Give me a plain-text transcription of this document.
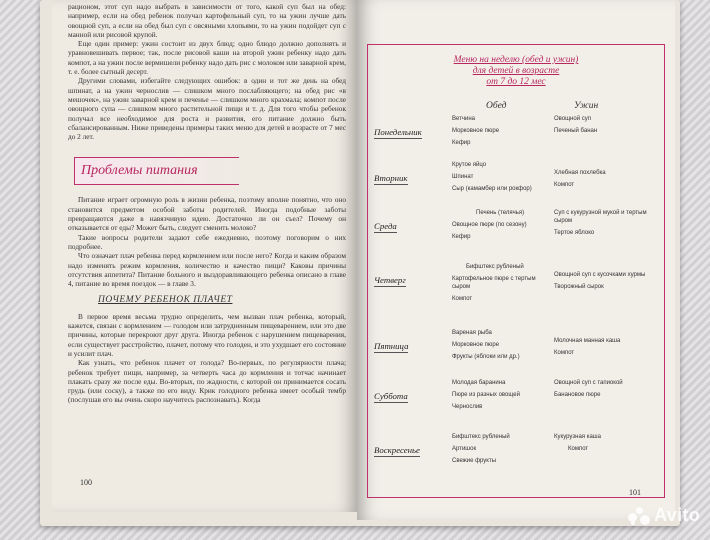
рационом, этот суп надо выбрать в зависимости от того, какой суп был на обед: например, если на обед ребенок получал картофельный суп, то на ужин лучше дать овощной суп, а если на обед был суп с овсяными хлопьями, то на ужин подойдет суп с манной или рисовой крупой.

Еще один пример: ужин состоит из двух блюд; одно блюдо должно дополнять и уравновешивать первое; так, после рисовой каши на второй ужин ребенку надо дать компот, а на ужин после вермишели ребенку надо дать рис с молоком или заварной крем, т. е. более сытный десерт.

Другими словами, избегайте следующих ошибок: в один и тот же день на обед шпинат, а на ужин чернослив — слишком много послабляющего; на обед рис «в мешочек», на ужин заварной крем и печенье — слишком много крахмала; компот после овощного супа — слишком много растительной пищи и т. д. Для того чтобы ребенок получал все необходимое для роста и развития, его питание должно быть сбалансированным. Ниже приведены примеры таких меню для детей в возрасте от 7 мес до 2 лет.

Проблемы питания

Питание играет огромную роль в жизни ребенка, поэтому вполне понятно, что оно становится предметом особой заботы родителей. Иногда подобные заботы превращаются даже в навязчивую идею. Достаточно ли он съел? Почему он отказывается от еды? Может быть, следует сменить молоко?

Такие вопросы родители задают себе ежедневно, поэтому поговорим о них подробнее.

Что означает плач ребенка перед кормлением или после него? Когда и каким образом надо изменять режим кормления, количество и качество пищи? Каковы причины отсутствия аппетита? Питание больного и выздоравливающего ребенка описано в главе 4, питание во время поездок — в главе 3.

ПОЧЕМУ РЕБЕНОК ПЛАЧЕТ

В первое время весьма трудно определить, чем вызван плач ребенка, который, кажется, связан с кормлением — голодом или затрудненным пищеварением, или это две причины, которые перекроют друг друга. Иногда ребенок с нарушением пищеварения, если существует расстройство, плачет, потому что голоден, и это ухудшает его состояние и усилит плач.

Как узнать, что ребенок плачет от голода? Во-первых, по регулярности плача; ребенок требует пищи, например, за четверть часа до кормления и тотчас начинает плакать сразу же после еды. Во-вторых, по жадности, с которой он принимается сосать грудь (или соску), а также по его виду. Крик голодного ребенка имеет особый тембр (послушав его вы очень скоро научитесь распознавать). Когда

100
Меню на неделю (обед и ужин)
для детей в возрасте
от 7 до 12 мес
Обед	Ужин
Понедельник
Ветчина
Морковное пюре
Кефир
Овощной суп
Печеный банан
Вторник
Крутое яйцо
Шпинат
Сыр (камамбер или рокфор)
Хлебная похлебка
Компот
Среда
Печень (телячья)
Овощное пюре (по сезону)
Кефир
Суп с кукурузной мукой и тертым сыром
Тертое яблоко
Четверг
Бифштекс рубленый
Картофельное пюре с тертым сыром
Компот
Овощной суп с кусочками хурмы
Творожный сырок
Пятница
Вареная рыба
Морковное пюре
Фрукты (яблоки или др.)
Молочная манная каша
Компот
Суббота
Молодая баранина
Пюре из разных овощей
Чернослив
Овощной суп с тапиокой
Банановое пюре
Воскресенье
Бифштекс рубленый
Артишок
Свежие фрукты
Кукурузная каша
Компот
101
Avito
